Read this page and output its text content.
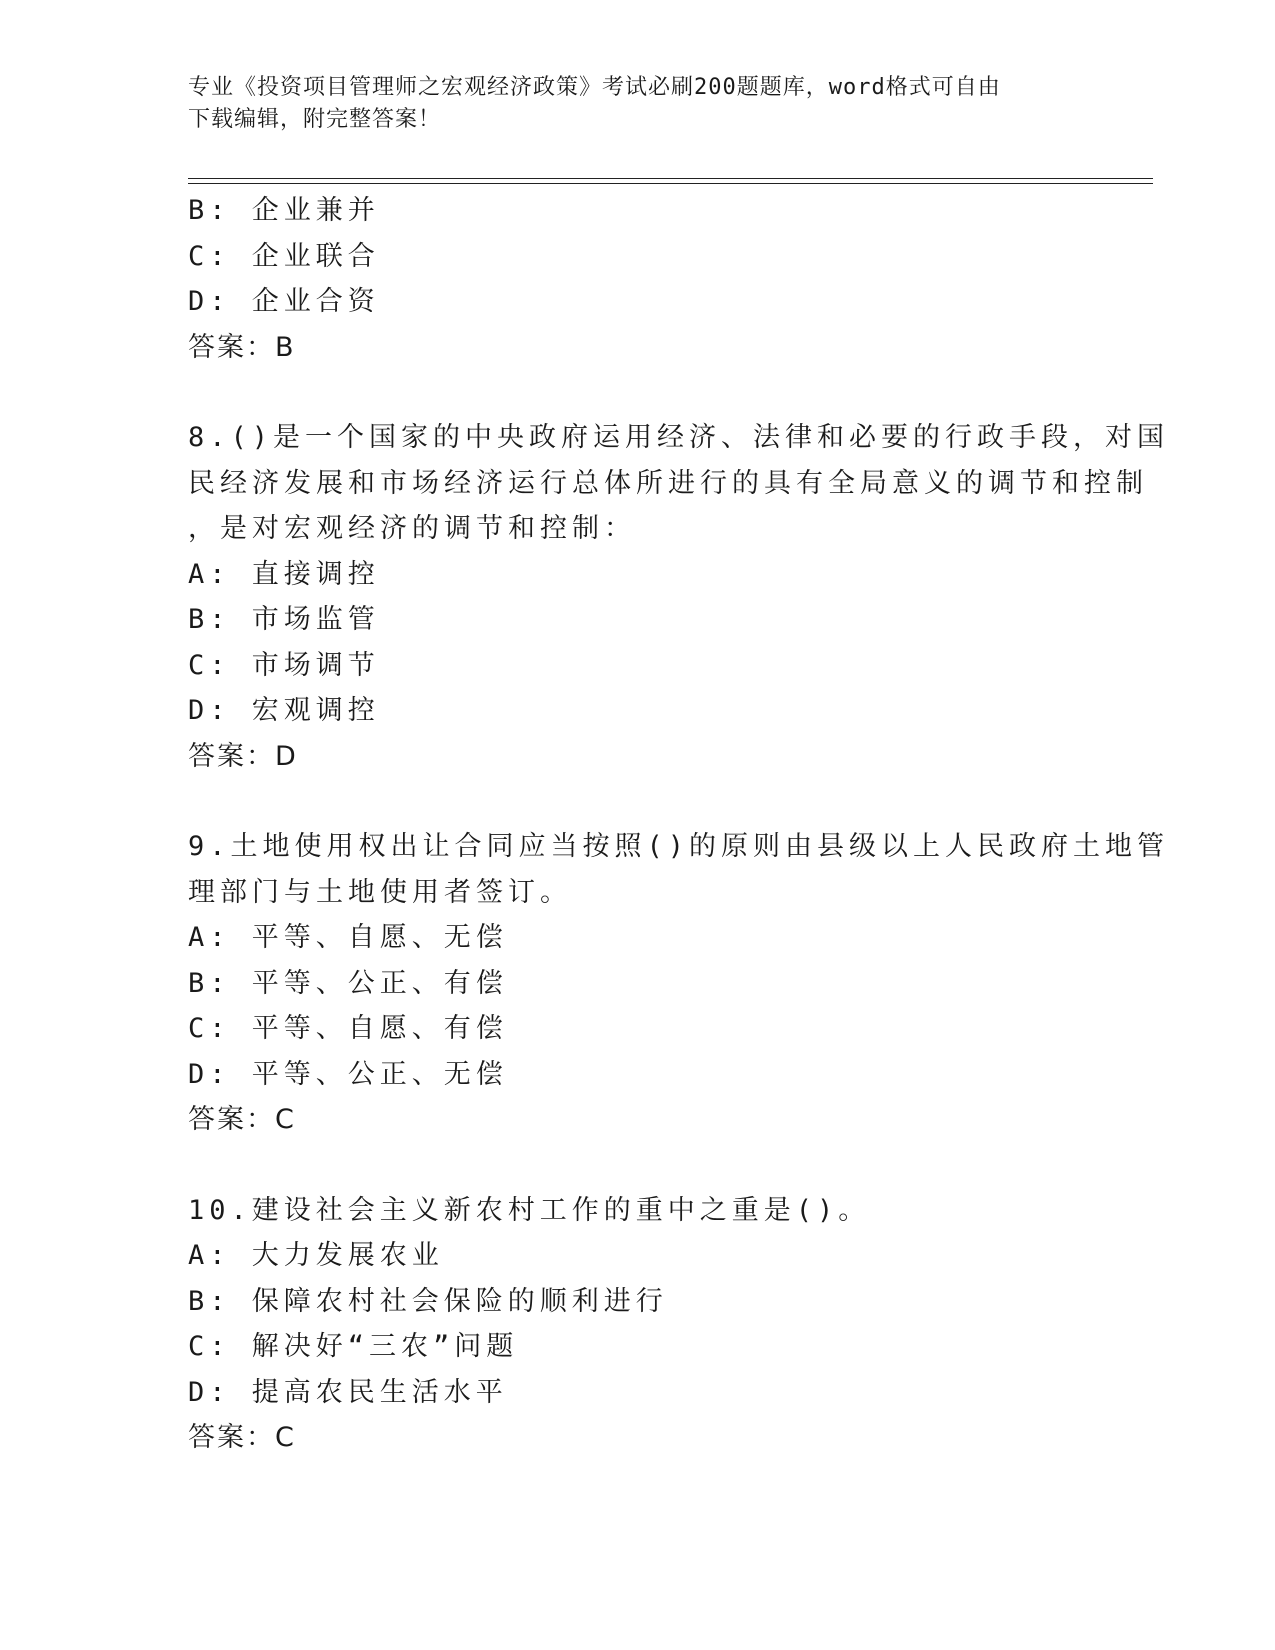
专业《投资项目管理师之宏观经济政策》考试必刷200题题库，word格式可自由
下载编辑，附完整答案！
B: 企业兼并
C: 企业联合
D: 企业合资
答案：B
8.()是一个国家的中央政府运用经济、法律和必要的行政手段，对国
民经济发展和市场经济运行总体所进行的具有全局意义的调节和控制
，是对宏观经济的调节和控制：
A: 直接调控
B: 市场监管
C: 市场调节
D: 宏观调控
答案：D
9.土地使用权出让合同应当按照()的原则由县级以上人民政府土地管
理部门与土地使用者签订。
A: 平等、自愿、无偿
B: 平等、公正、有偿
C: 平等、自愿、有偿
D: 平等、公正、无偿
答案：C
10.建设社会主义新农村工作的重中之重是()。
A: 大力发展农业
B: 保障农村社会保险的顺利进行
C: 解决好“三农”问题
D: 提高农民生活水平
答案：C
